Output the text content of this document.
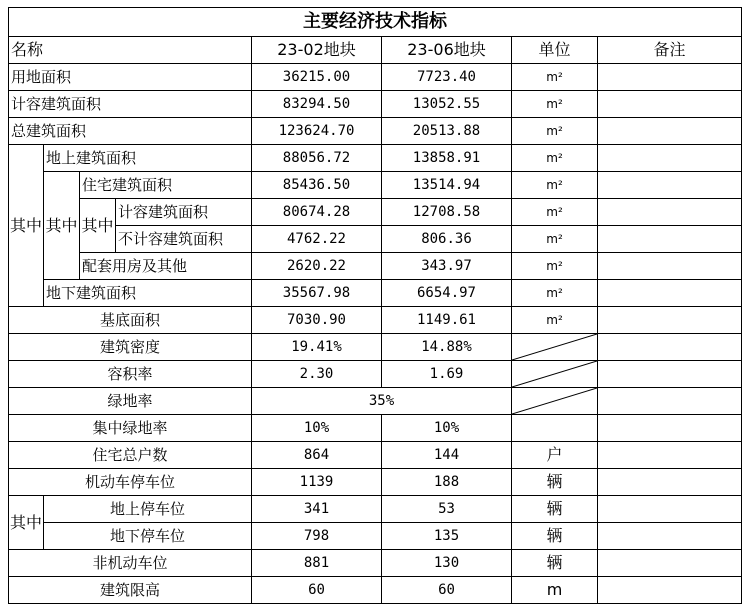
主要经济技术指标							
名称				23-02地块	23-06地块	单位	备注
用地面积				36215.00	7723.40	m²	
计容建筑面积				83294.50	13052.55	m²	
总建筑面积				123624.70	20513.88	m²	
其中	地上建筑面积			88056.72	13858.91	m²	
	其中	住宅建筑面积		85436.50	13514.94	m²	
		其中	计容建筑面积	80674.28	12708.58	m²	
			不计容建筑面积	4762.22	806.36	m²	
		配套用房及其他		2620.22	343.97	m²	
	地下建筑面积			35567.98	6654.97	m²	
基底面积				7030.90	1149.61	m²	
建筑密度				19.41%	14.88%	

容积率				2.30	1.69	

绿地率				35%	

集中绿地率				10%	10%		
住宅总户数				864	144	户	
机动车停车位				1139	188	辆	
其中	地上停车位			341	53	辆	
	地下停车位			798	135	辆	
非机动车位				881	130	辆	
建筑限高				60	60	m	
